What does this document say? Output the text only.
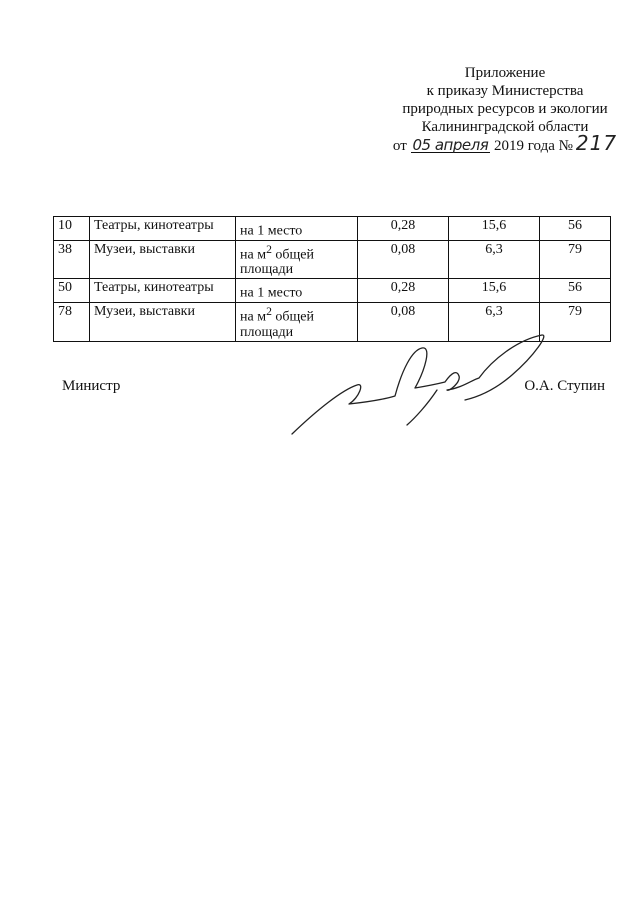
Приложение
к приказу Министерства
природных ресурсов и экологии
Калининградской области
от 05 апреля 2019 года № 217
10	Театры, кинотеатры	на 1 место	0,28	15,6	56
38	Музеи, выставки	на $м^2$ общей площади	0,08	6,3	79
50	Театры, кинотеатры	на 1 место	0,28	15,6	56
78	Музеи, выставки	на $м^2$ общей площади	0,08	6,3	79
Министр	О.А. Ступин
